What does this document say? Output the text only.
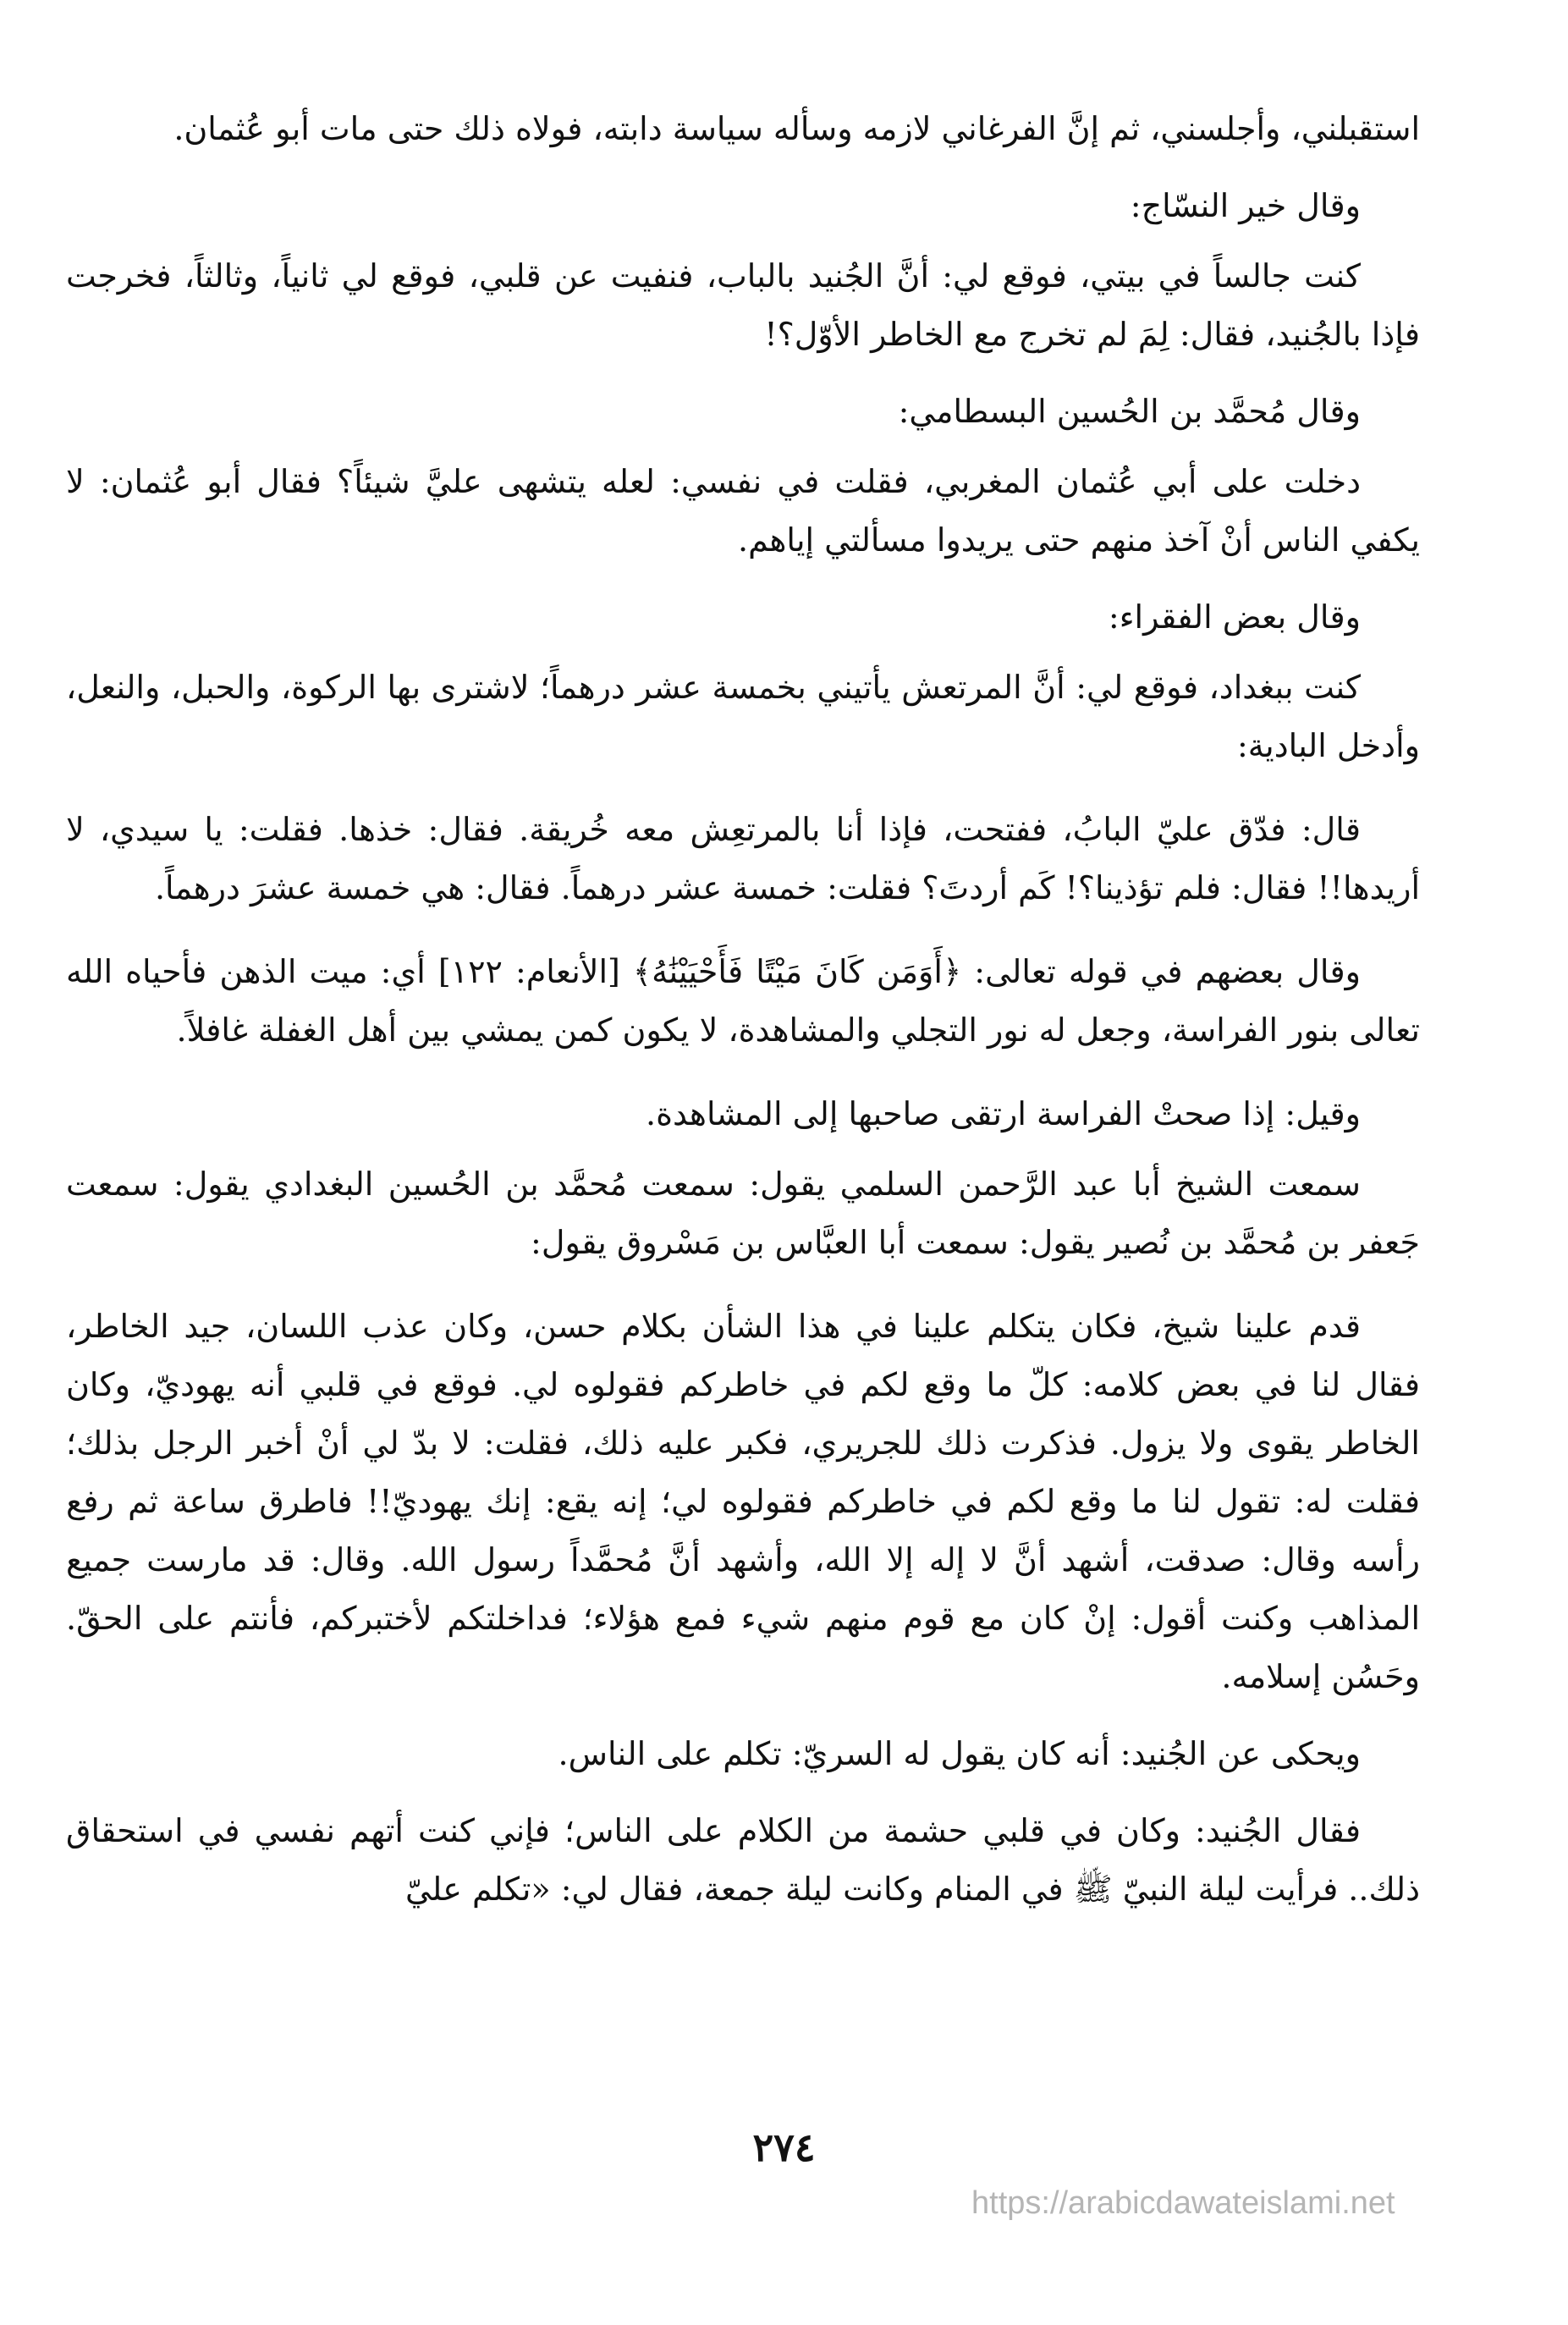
استقبلني، وأجلسني، ثم إنَّ الفرغاني لازمه وسأله سياسة دابته، فولاه ذلك حتى مات أبو عُثمان.

وقال خير النسّاج:

كنت جالساً في بيتي، فوقع لي: أنَّ الجُنيد بالباب، فنفيت عن قلبي، فوقع لي ثانياً، وثالثاً، فخرجت فإذا بالجُنيد، فقال: لِمَ لم تخرج مع الخاطر الأوّل؟!

وقال مُحمَّد بن الحُسين البسطامي:

دخلت على أبي عُثمان المغربي، فقلت في نفسي: لعله يتشهى عليَّ شيئاً؟ فقال أبو عُثمان: لا يكفي الناس أنْ آخذ منهم حتى يريدوا مسألتي إياهم.

وقال بعض الفقراء:

كنت ببغداد، فوقع لي: أنَّ المرتعش يأتيني بخمسة عشر درهماً؛ لاشترى بها الركوة، والحبل، والنعل، وأدخل البادية:

قال: فدّق عليّ البابُ، ففتحت، فإذا أنا بالمرتعِش معه خُريقة. فقال: خذها. فقلت: يا سيدي، لا أريدها!! فقال: فلم تؤذينا؟! كَم أردتَ؟ فقلت: خمسة عشر درهماً. فقال: هي خمسة عشرَ درهماً.

وقال بعضهم في قوله تعالى: ﴿أَوَمَن كَانَ مَيْتًا فَأَحْيَيْنَٰهُ﴾ [الأنعام: ١٢٢] أي: ميت الذهن فأحياه الله تعالى بنور الفراسة، وجعل له نور التجلي والمشاهدة، لا يكون كمن يمشي بين أهل الغفلة غافلاً.

وقيل: إذا صحتْ الفراسة ارتقى صاحبها إلى المشاهدة.

سمعت الشيخ أبا عبد الرَّحمن السلمي يقول: سمعت مُحمَّد بن الحُسين البغدادي يقول: سمعت جَعفر بن مُحمَّد بن نُصير يقول: سمعت أبا العبَّاس بن مَسْروق يقول:

قدم علينا شيخ، فكان يتكلم علينا في هذا الشأن بكلام حسن، وكان عذب اللسان، جيد الخاطر، فقال لنا في بعض كلامه: كلّ ما وقع لكم في خاطركم فقولوه لي. فوقع في قلبي أنه يهوديّ، وكان الخاطر يقوى ولا يزول. فذكرت ذلك للجريري، فكبر عليه ذلك، فقلت: لا بدّ لي أنْ أخبر الرجل بذلك؛ فقلت له: تقول لنا ما وقع لكم في خاطركم فقولوه لي؛ إنه يقع: إنك يهوديّ!! فاطرق ساعة ثم رفع رأسه وقال: صدقت، أشهد أنَّ لا إله إلا الله، وأشهد أنَّ مُحمَّداً رسول الله. وقال: قد مارست جميع المذاهب وكنت أقول: إنْ كان مع قوم منهم شيء فمع هؤلاء؛ فداخلتكم لأختبركم، فأنتم على الحقّ. وحَسُن إسلامه.

ويحكى عن الجُنيد: أنه كان يقول له السريّ: تكلم على الناس.

فقال الجُنيد: وكان في قلبي حشمة من الكلام على الناس؛ فإني كنت أتهم نفسي في استحقاق ذلك.. فرأيت ليلة النبيّ ﷺ في المنام وكانت ليلة جمعة، فقال لي: «تكلم عليّ

٢٧٤
https://arabicdawateislami.net
